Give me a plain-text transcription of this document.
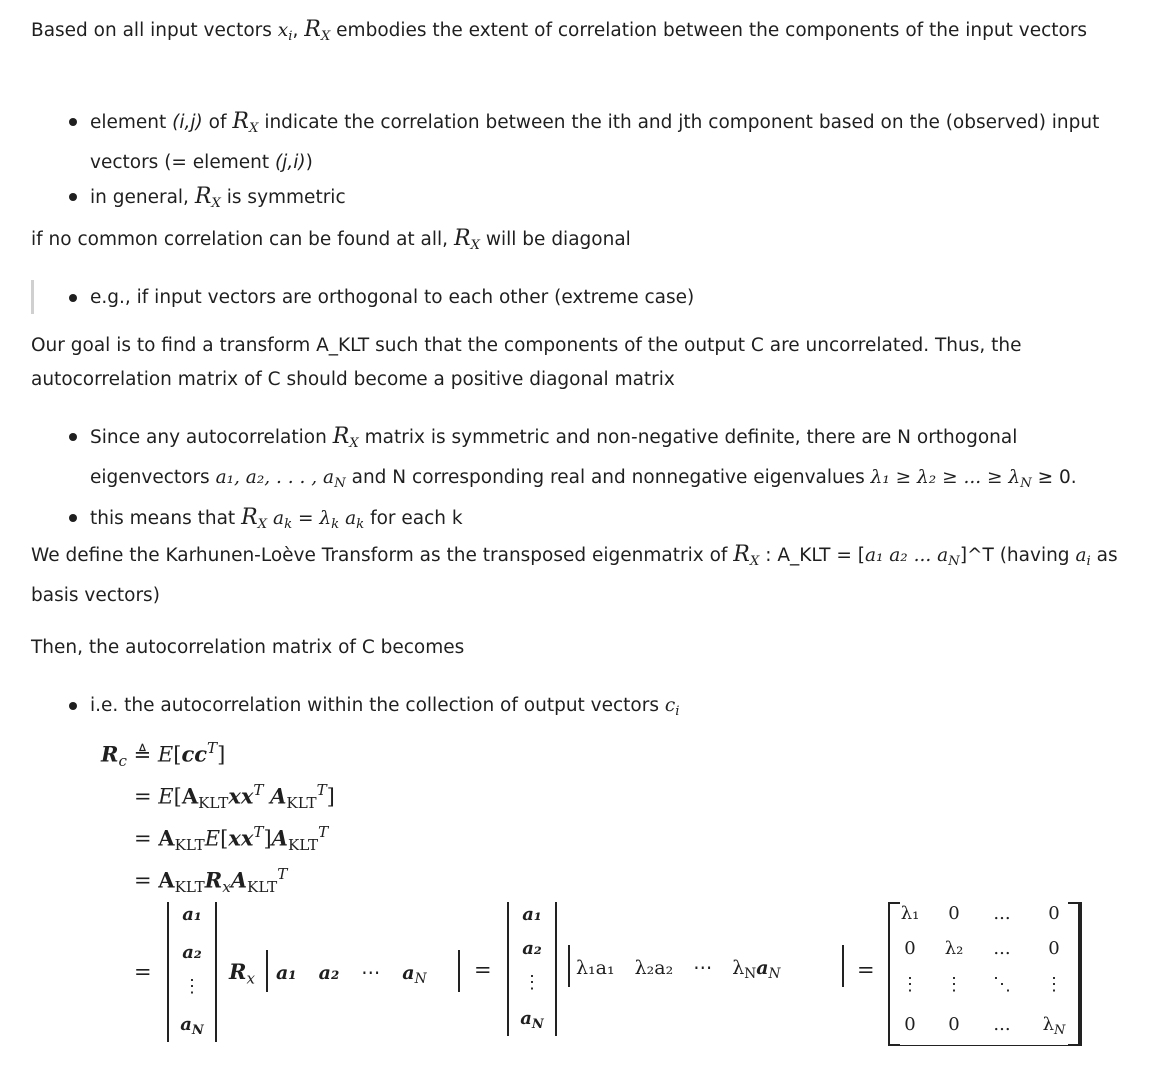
Based on all input vectors $x_i$, $R_X$ embodies the extent of correlation between the components of the input vectors

element (i,j) of $R_X$ indicate the correlation between the ith and jth component based on the (observed) input vectors (= element (j,i))
in general, $R_X$ is symmetric

if no common correlation can be found at all, $R_X$ will be diagonal

e.g., if input vectors are orthogonal to each other (extreme case)

Our goal is to find a transform A_KLT such that the components of the output C are uncorrelated. Thus, the autocorrelation matrix of C should become a positive diagonal matrix

Since any autocorrelation $R_X$ matrix is symmetric and non-negative definite, there are N orthogonal eigenvectors a₁, a₂, . . . , $a_N$ and N corresponding real and nonnegative eigenvalues λ₁ ≥ λ₂ ≥ ... ≥ $\lambda_N \ge 0$.
this means that $R_X$ $a_k = \lambda_k$ $a_k$ for each k

We define the Karhunen-Loève Transform as the transposed eigenmatrix of $R_X$ : A_KLT = [a₁ a₂ ... $a_N]\^{}T$ (having $a_i$ as basis vectors)

Then, the autocorrelation matrix of C becomes

i.e. the autocorrelation within the collection of output vectors $c_i$
$R_c$ ≜ $E[cc^T]$
= $E[A_{KLT}xx^T$ $A_{KLT}^T$]
= $A_{KLT}E[xx^T]A_{KLT}^T$
= $A_{KLT}R_xA_{KLT}^T$
=
a₁
a₂
⋮
$a_N$
$R_x$ a₁ a₂ ⋯ $a_N$ =
a₁
a₂
⋮
$a_N$
λ₁a₁ λ₂a₂ ⋯ $\lambda_Na_N$	=
λ₁	0	...	0
0	λ₂	...	0
⋮	⋮	⋱	⋮
0	0	...	$\lambda_N$
